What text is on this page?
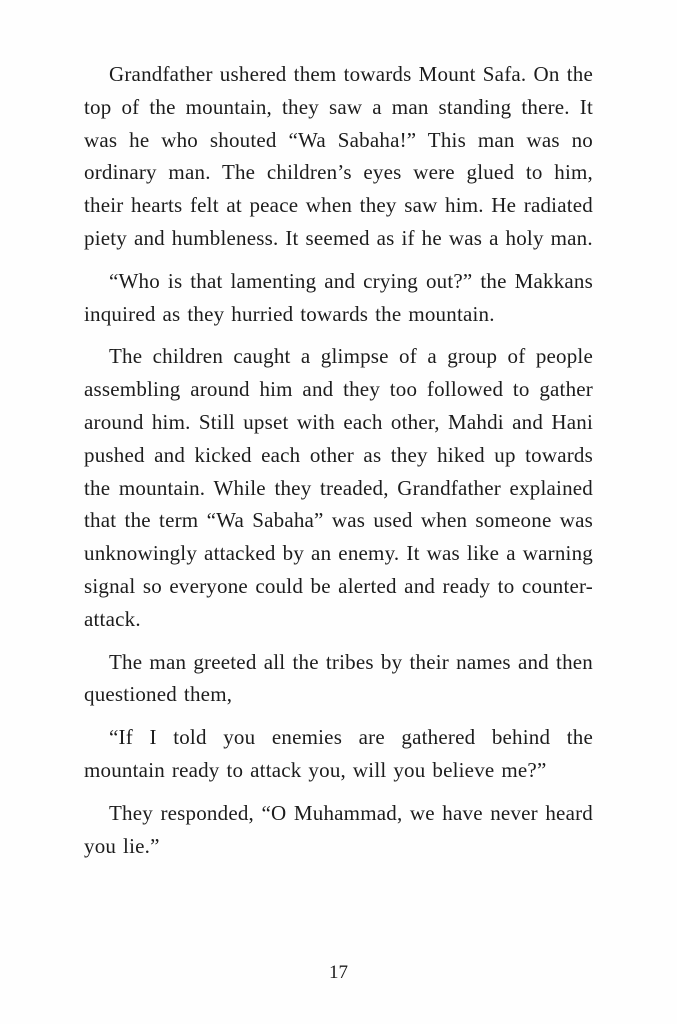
Grandfather ushered them towards Mount Safa. On the top of the mountain, they saw a man standing there. It was he who shouted “Wa Sabaha!” This man was no ordinary man. The children’s eyes were glued to him, their hearts felt at peace when they saw him. He radiated piety and humbleness. It seemed as if he was a holy man.

“Who is that lamenting and crying out?” the Makkans inquired as they hurried towards the mountain.

The children caught a glimpse of a group of people assembling around him and they too followed to gather around him. Still upset with each other, Mahdi and Hani pushed and kicked each other as they hiked up towards the mountain. While they treaded, Grandfather explained that the term “Wa Sabaha” was used when someone was unknowingly attacked by an enemy. It was like a warning signal so everyone could be alerted and ready to counter-attack.

The man greeted all the tribes by their names and then questioned them,

“If I told you enemies are gathered behind the mountain ready to attack you, will you believe me?”

They responded, “O Muhammad, we have never heard you lie.”

17
